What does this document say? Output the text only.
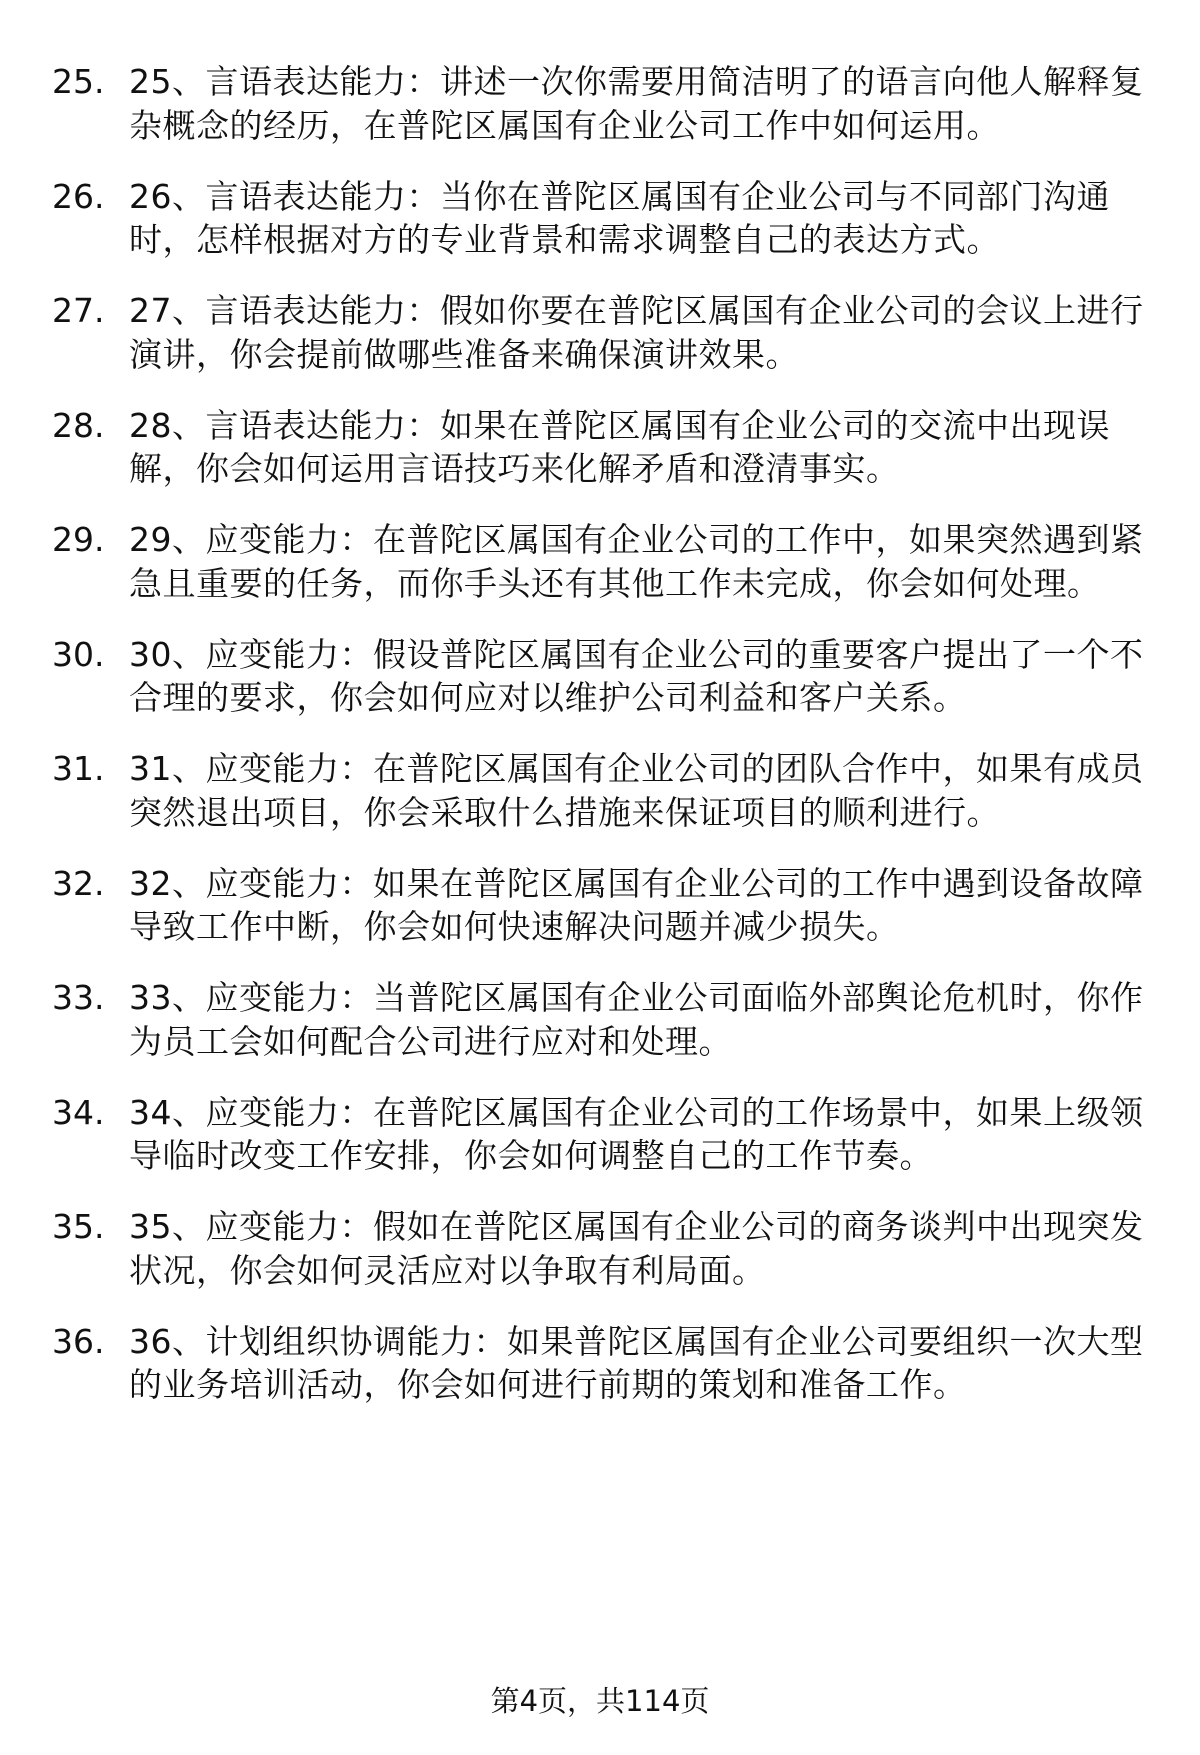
25. 25、言语表达能力：讲述一次你需要用简洁明了的语言向他人解释复杂概念的经历，在普陀区属国有企业公司工作中如何运用。
26. 26、言语表达能力：当你在普陀区属国有企业公司与不同部门沟通时，怎样根据对方的专业背景和需求调整自己的表达方式。
27. 27、言语表达能力：假如你要在普陀区属国有企业公司的会议上进行演讲，你会提前做哪些准备来确保演讲效果。
28. 28、言语表达能力：如果在普陀区属国有企业公司的交流中出现误解，你会如何运用言语技巧来化解矛盾和澄清事实。
29. 29、应变能力：在普陀区属国有企业公司的工作中，如果突然遇到紧急且重要的任务，而你手头还有其他工作未完成，你会如何处理。
30. 30、应变能力：假设普陀区属国有企业公司的重要客户提出了一个不合理的要求，你会如何应对以维护公司利益和客户关系。
31. 31、应变能力：在普陀区属国有企业公司的团队合作中，如果有成员突然退出项目，你会采取什么措施来保证项目的顺利进行。
32. 32、应变能力：如果在普陀区属国有企业公司的工作中遇到设备故障导致工作中断，你会如何快速解决问题并减少损失。
33. 33、应变能力：当普陀区属国有企业公司面临外部舆论危机时，你作为员工会如何配合公司进行应对和处理。
34. 34、应变能力：在普陀区属国有企业公司的工作场景中，如果上级领导临时改变工作安排，你会如何调整自己的工作节奏。
35. 35、应变能力：假如在普陀区属国有企业公司的商务谈判中出现突发状况，你会如何灵活应对以争取有利局面。
36. 36、计划组织协调能力：如果普陀区属国有企业公司要组织一次大型的业务培训活动，你会如何进行前期的策划和准备工作。
第4页，共114页
